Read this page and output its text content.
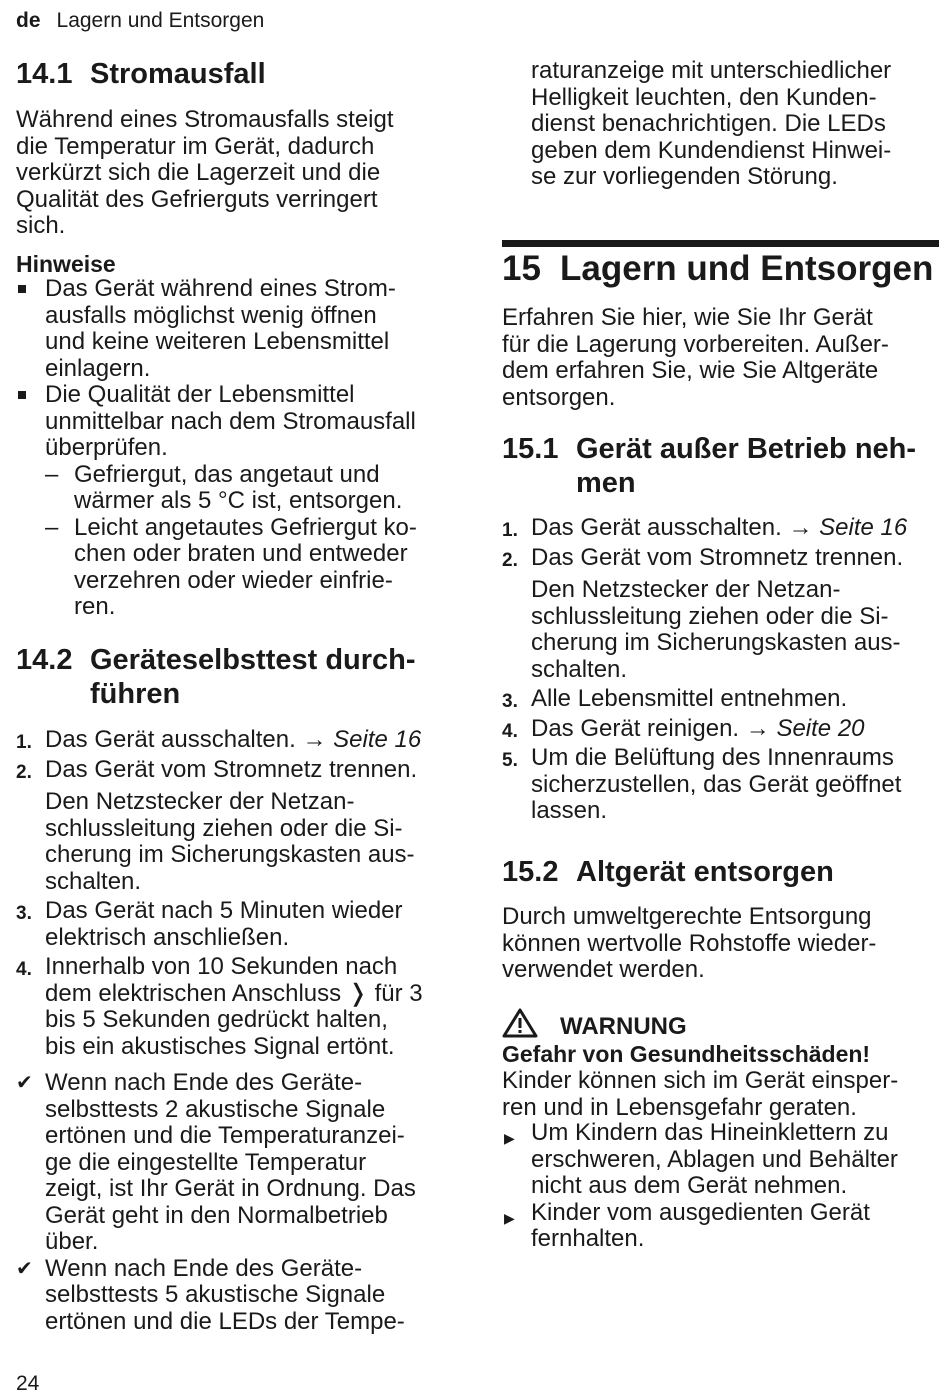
de Lagern und Entsorgen
14.1 Stromausfall
Während eines Stromausfalls steigt
die Temperatur im Gerät, dadurch
verkürzt sich die Lagerzeit und die
Qualität des Gefrierguts verringert
sich.
Hinweise
Das Gerät während eines Strom-
ausfalls möglichst wenig öffnen
und keine weiteren Lebensmittel
einlagern.
Die Qualität der Lebensmittel
unmittelbar nach dem Stromausfall
überprüfen.
– Gefriergut, das angetaut und
wärmer als 5 °C ist, entsorgen.
– Leicht angetautes Gefriergut ko-
chen oder braten und entweder
verzehren oder wieder einfrie-
ren.
14.2 Geräteselbsttest durch-
führen
1. Das Gerät ausschalten. → Seite 16
2. Das Gerät vom Stromnetz trennen.
Den Netzstecker der Netzan-
schlussleitung ziehen oder die Si-
cherung im Sicherungskasten aus-
schalten.
3. Das Gerät nach 5 Minuten wieder
elektrisch anschließen.
4. Innerhalb von 10 Sekunden nach
dem elektrischen Anschluss ❭ für 3
bis 5 Sekunden gedrückt halten,
bis ein akustisches Signal ertönt.
✔ Wenn nach Ende des Geräte-
selbsttests 2 akustische Signale
ertönen und die Temperaturanzei-
ge die eingestellte Temperatur
zeigt, ist Ihr Gerät in Ordnung. Das
Gerät geht in den Normalbetrieb
über.
✔ Wenn nach Ende des Geräte-
selbsttests 5 akustische Signale
ertönen und die LEDs der Tempe-
raturanzeige mit unterschiedlicher
Helligkeit leuchten, den Kunden-
dienst benachrichtigen. Die LEDs
geben dem Kundendienst Hinwei-
se zur vorliegenden Störung.
15 Lagern und Entsorgen
Erfahren Sie hier, wie Sie Ihr Gerät
für die Lagerung vorbereiten. Außer-
dem erfahren Sie, wie Sie Altgeräte
entsorgen.
15.1 Gerät außer Betrieb neh-
men
1. Das Gerät ausschalten. → Seite 16
2. Das Gerät vom Stromnetz trennen.
Den Netzstecker der Netzan-
schlussleitung ziehen oder die Si-
cherung im Sicherungskasten aus-
schalten.
3. Alle Lebensmittel entnehmen.
4. Das Gerät reinigen. → Seite 20
5. Um die Belüftung des Innenraums
sicherzustellen, das Gerät geöffnet
lassen.
15.2 Altgerät entsorgen
Durch umweltgerechte Entsorgung
können wertvolle Rohstoffe wieder-
verwendet werden.
WARNUNG
Gefahr von Gesundheitsschäden!
Kinder können sich im Gerät einsper-
ren und in Lebensgefahr geraten.
▶ Um Kindern das Hineinklettern zu
erschweren, Ablagen und Behälter
nicht aus dem Gerät nehmen.
▶ Kinder vom ausgedienten Gerät
fernhalten.
24
